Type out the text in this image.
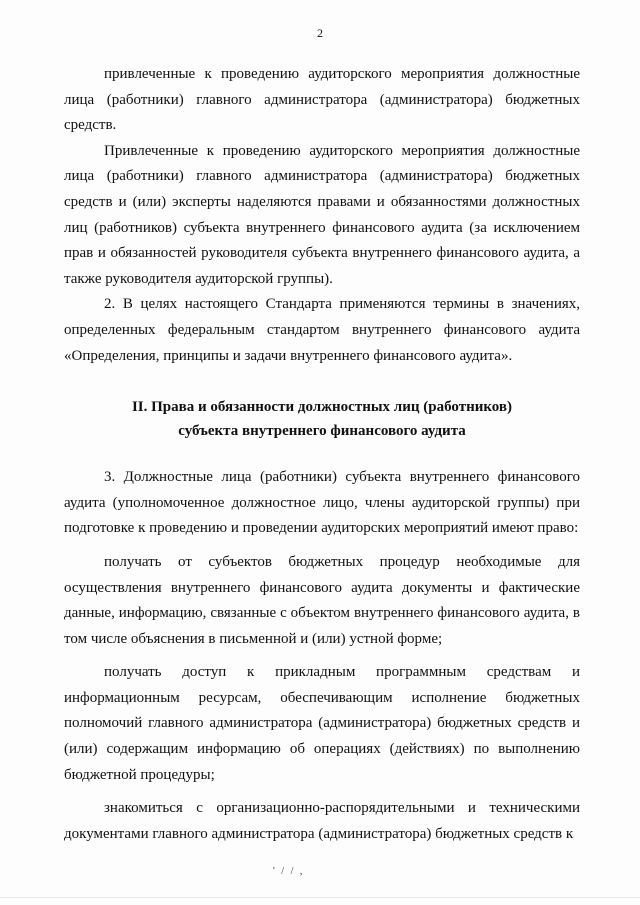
2

привлеченные к проведению аудиторского мероприятия должностные лица (работники) главного администратора (администратора) бюджетных средств.

Привлеченные к проведению аудиторского мероприятия должностные лица (работники) главного администратора (администратора) бюджетных средств и (или) эксперты наделяются правами и обязанностями должностных лиц (работников) субъекта внутреннего финансового аудита (за исключением прав и обязанностей руководителя субъекта внутреннего финансового аудита, а также руководителя аудиторской группы).

2. В целях настоящего Стандарта применяются термины в значениях, определенных федеральным стандартом внутреннего финансового аудита «Определения, принципы и задачи внутреннего финансового аудита».

II. Права и обязанности должностных лиц (работников)
субъекта внутреннего финансового аудита

3. Должностные лица (работники) субъекта внутреннего финансового аудита (уполномоченное должностное лицо, члены аудиторской группы) при подготовке к проведению и проведении аудиторских мероприятий имеют право:

получать от субъектов бюджетных процедур необходимые для осуществления внутреннего финансового аудита документы и фактические данные, информацию, связанные с объектом внутреннего финансового аудита, в том числе объяснения в письменной и (или) устной форме;

получать доступ к прикладным программным средствам и информационным ресурсам, обеспечивающим исполнение бюджетных полномочий главного администратора (администратора) бюджетных средств и (или) содержащим информацию об операциях (действиях) по выполнению бюджетной процедуры;

знакомиться с организационно-распорядительными и техническими документами главного администратора (администратора) бюджетных средств к

' / / ,
